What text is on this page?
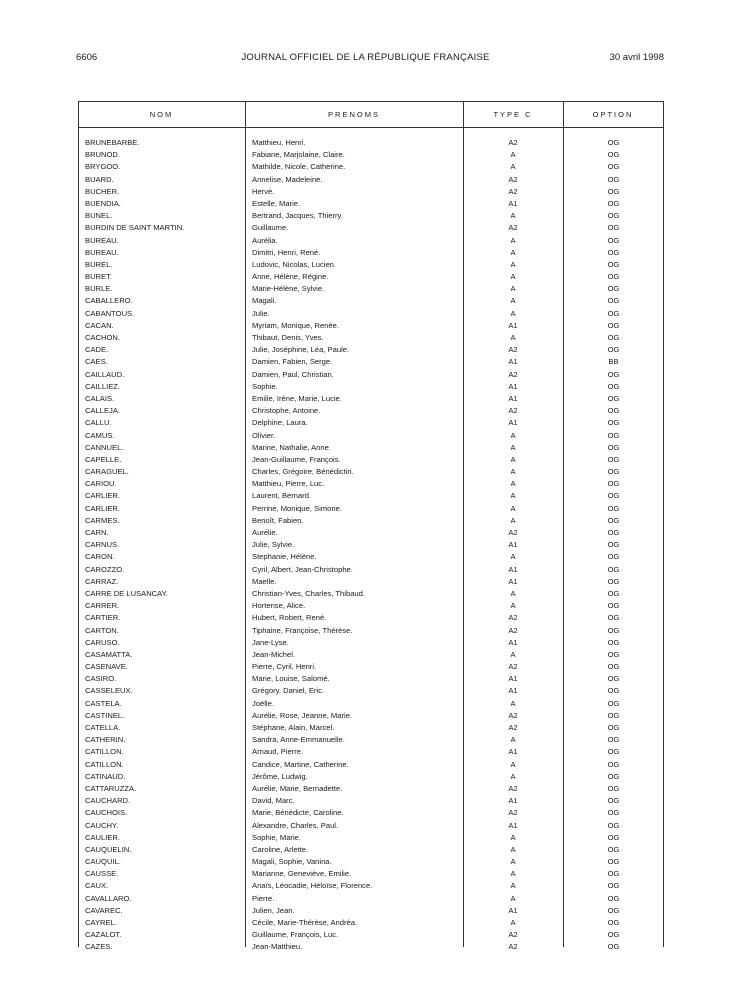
6606	JOURNAL OFFICIEL DE LA RÉPUBLIQUE FRANÇAISE	30 avril 1998
NOM	PRENOMS	TYPE C	OPTION
BRUNEBARBE.	Matthieu, Henri.	A2	OG
BRUNOD.	Fabiane, Marjolaine, Claire.	A	OG
BRYGOO.	Mathilde, Nicole, Catherine.	A	OG
BUARD.	Annelise, Madeleine.	A2	OG
BUCHER.	Hervé.	A2	OG
BUENDIA.	Estelle, Marie.	A1	OG
BUNEL.	Bertrand, Jacques, Thierry.	A	OG
BURDIN DE SAINT MARTIN.	Guillaume.	A2	OG
BUREAU.	Aurélia.	A	OG
BUREAU.	Dimitri, Henri, René.	A	OG
BUREL.	Ludovic, Nicolas, Lucien.	A	OG
BURET.	Anne, Hélène, Régine.	A	OG
BURLE.	Marie-Hélène, Sylvie.	A	OG
CABALLERO.	Magali.	A	OG
CABANTOUS.	Julie.	A	OG
CACAN.	Myriam, Monique, Renée.	A1	OG
CACHON.	Thibaut, Denis, Yves.	A	OG
CADE.	Julie, Joséphine, Léa, Paule.	A2	OG
CAES.	Damien, Fabien, Serge.	A1	BB
CAILLAUD.	Damien, Paul, Christian.	A2	OG
CAILLIEZ.	Sophie.	A1	OG
CALAIS.	Emilie, Irène, Marie, Lucie.	A1	OG
CALLEJA.	Christophe, Antoine.	A2	OG
CALLU.	Delphine, Laura.	A1	OG
CAMUS.	Olivier.	A	OG
CANNUEL.	Marine, Nathalie, Anne.	A	OG
CAPELLE.	Jean-Guillaume, François.	A	OG
CARAGUEL.	Charles, Grégoire, Bénédictin.	A	OG
CARIOU.	Matthieu, Pierre, Luc.	A	OG
CARLIER.	Laurent, Bernard.	A	OG
CARLIER.	Perrine, Monique, Simone.	A	OG
CARMES.	Benoît, Fabien.	A	OG
CARN.	Aurélie.	A2	OG
CARNUS.	Julie, Sylvie.	A1	OG
CARON.	Stephanie, Hélène.	A	OG
CAROZZO.	Cyril, Albert, Jean-Christophe.	A1	OG
CARRAZ.	Maelle.	A1	OG
CARRE DE LUSANCAY.	Christian-Yves, Charles, Thibaud.	A	OG
CARRER.	Hortense, Alice.	A	OG
CARTIER.	Hubert, Robert, René.	A2	OG
CARTON.	Tiphaine, Françoise, Thérèse.	A2	OG
CARUSO.	Jane-Lyse.	A1	OG
CASAMATTA.	Jean-Michel.	A	OG
CASENAVE.	Pierre, Cyril, Henri.	A2	OG
CASIRO.	Marie, Louise, Salomé.	A1	OG
CASSELEUX.	Grégory, Daniel, Eric.	A1	OG
CASTELA.	Joëlle.	A	OG
CASTINEL.	Aurélie, Rose, Jeanne, Marie.	A2	OG
CATELLA.	Stéphane, Alain, Marcel.	A2	OG
CATHERIN.	Sandra, Anne-Emmanuelle.	A	OG
CATILLON.	Arnaud, Pierre.	A1	OG
CATILLON.	Candice, Martine, Catherine.	A	OG
CATINAUD.	Jérôme, Ludwig.	A	OG
CATTARUZZA.	Aurélie, Marie, Bernadette.	A2	OG
CAUCHARD.	David, Marc.	A1	OG
CAUCHOIS.	Marie, Bénédicte, Caroline.	A2	OG
CAUCHY.	Alexandre, Charles, Paul.	A1	OG
CAULIER.	Sophie, Marie.	A	OG
CAUQUELIN.	Caroline, Arlette.	A	OG
CAUQUIL.	Magali, Sophie, Vanina.	A	OG
CAUSSE.	Marianne, Geneviève, Emilie.	A	OG
CAUX.	Anaïs, Léocadie, Héloïse, Florence.	A	OG
CAVALLARO.	Pierre.	A	OG
CAVAREC.	Julien, Jean.	A1	OG
CAYREL.	Cécile, Marie-Thérèse, Andréa.	A	OG
CAZALOT.	Guillaume, François, Luc.	A2	OG
CAZES.	Jean-Matthieu.	A2	OG
